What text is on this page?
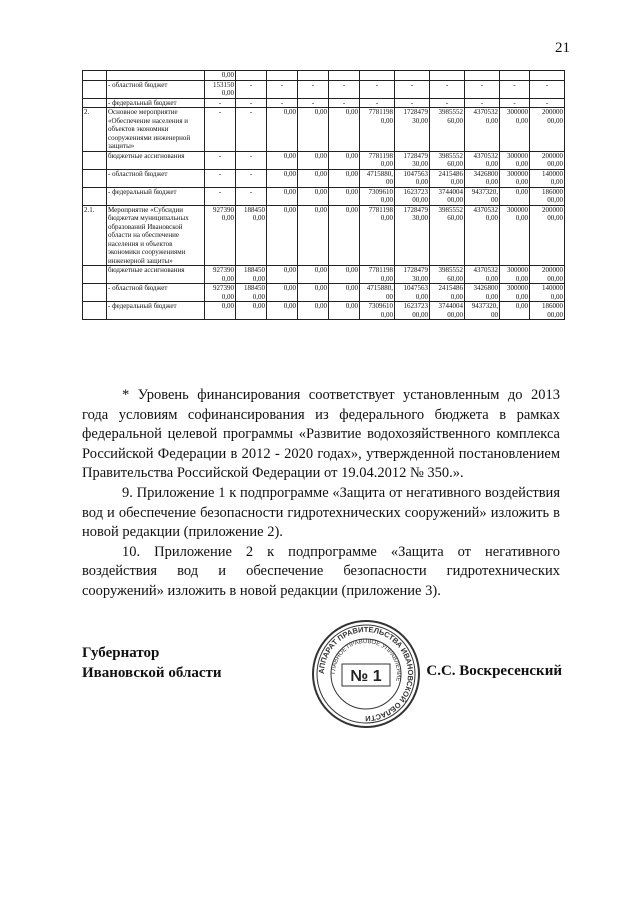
21
		0,00										
	- областной бюджет	153150 0,00	-	-	-	-	-	-	-	-	-	-
	- федеральный бюджет	-	-	-	-	-	-	-	-	-	-	-
2.	Основное мероприятие «Обеспечение населения и объектов экономики сооружениями инженерной защиты»	-	-	0,00	0,00	0,00	7781198 0,00	1728479 30,00	3985552 60,00	4370532 0,00	300000 0,00	200000 00,00
	бюджетные ассигнования	-	-	0,00	0,00	0,00	7781198 0,00	1728479 30,00	3985552 60,00	4370532 0,00	300000 0,00	200000 00,00
	- областной бюджет	-	-	0,00	0,00	0,00	4715880, 00	1047563 0,00	2415486 0,00	3426800 0,00	300000 0,00	140000 0,00
	- федеральный бюджет	-	-	0,00	0,00	0,00	7309610 0,00	1623723 00,00	3744004 00,00	9437320, 00	0,00	186000 00,00
2.1.	Мероприятие «Субсидии бюджетам муниципальных образований Ивановской области на обеспечение населения и объектов экономики сооружениями инженерной защиты»	927390 0,00	188450 0,00	0,00	0,00	0,00	7781198 0,00	1728479 30,00	3985552 60,00	4370532 0,00	300000 0,00	200000 00,00
	бюджетные ассигнования	927390 0,00	188450 0,00	0,00	0,00	0,00	7781198 0,00	1728479 30,00	3985552 60,00	4370532 0,00	300000 0,00	200000 00,00
	- областной бюджет	927390 0,00	188450 0,00	0,00	0,00	0,00	4715880, 00	1047563 0,00	2415486 0,00	3426800 0,00	300000 0,00	140000 0,00
	- федеральный бюджет	0,00	0,00	0,00	0,00	0,00	7309610 0,00	1623723 00,00	3744004 00,00	9437320, 00	0,00	186000 00,00

* Уровень финансирования соответствует установленным до 2013 года условиям софинансирования из федерального бюджета в рамках федеральной целевой программы «Развитие водохозяйственного комплекса Российской Федерации в 2012 - 2020 годах», утвержденной постановлением Правительства Российской Федерации от 19.04.2012 № 350.».

9. Приложение 1 к подпрограмме «Защита от негативного воздействия вод и обеспечение безопасности гидротехнических сооружений» изложить в новой редакции (приложение 2).

10. Приложение 2 к подпрограмме «Защита от негативного воздействия вод и обеспечение безопасности гидротехнических сооружений» изложить в новой редакции (приложение 3).

Губернатор
Ивановской области	АППАРАТ ПРАВИТЕЛЬСТВА ИВАНОВСКОЙ ОБЛАСТИ
ГЛАВНОЕ ПРАВОВОЕ УПРАВЛЕНИЕ
№ 1	С.С. Воскресенский
